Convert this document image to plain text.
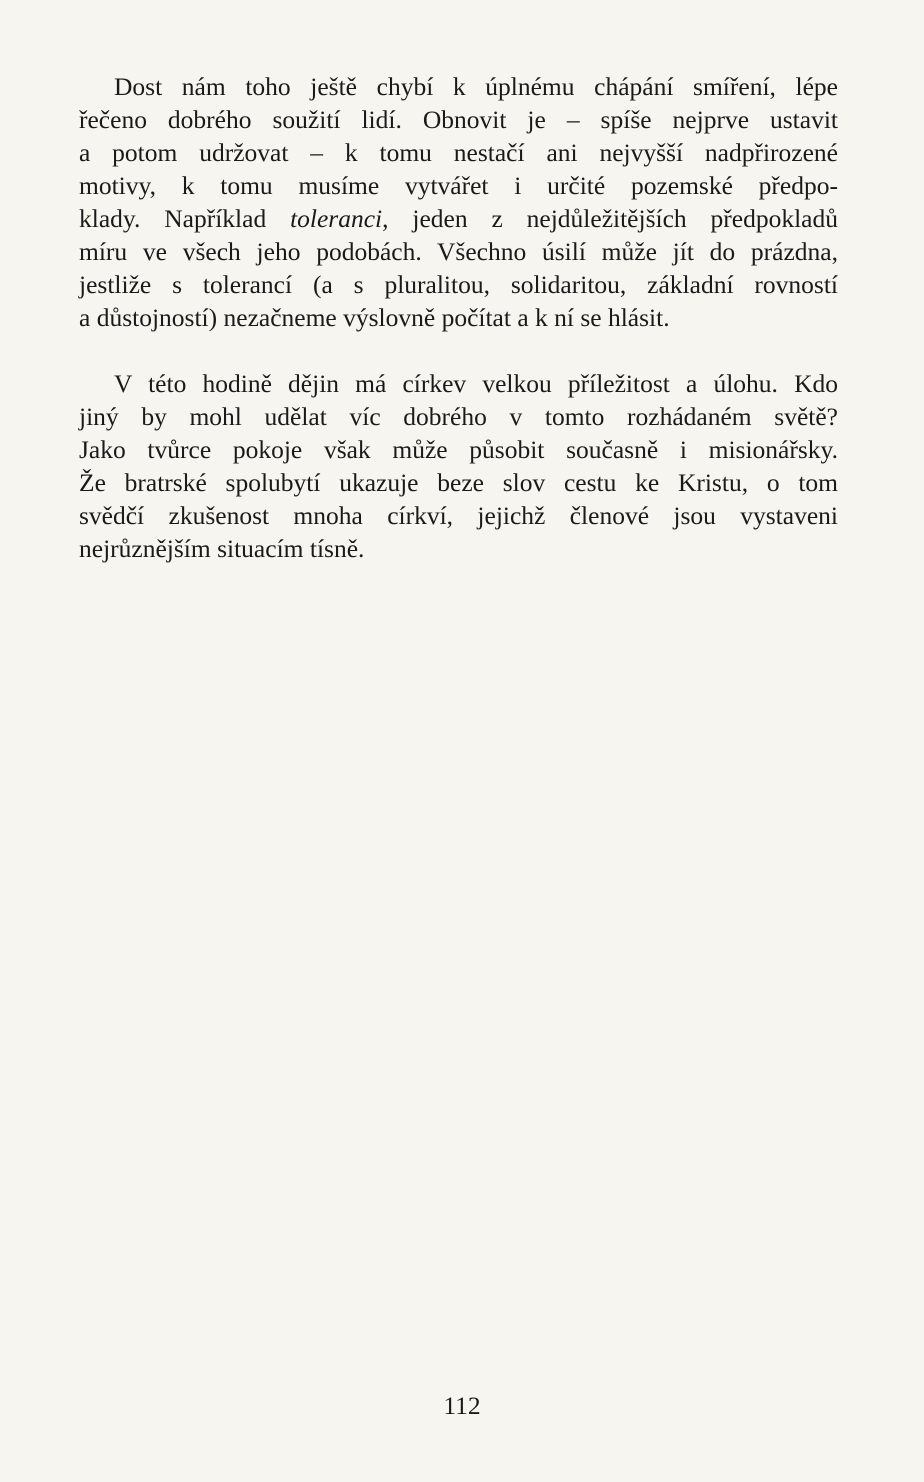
Dost nám toho ještě chybí k úplnému chápání smíření, lépe
řečeno dobrého soužití lidí. Obnovit je – spíše nejprve ustavit
a potom udržovat – k tomu nestačí ani nejvyšší nadpřirozené
motivy, k tomu musíme vytvářet i určité pozemské předpo-
klady. Například toleranci, jeden z nejdůležitějších předpokladů
míru ve všech jeho podobách. Všechno úsilí může jít do prázdna,
jestliže s tolerancí (a s pluralitou, solidaritou, základní rovností
a důstojností) nezačneme výslovně počítat a k ní se hlásit.
V této hodině dějin má církev velkou příležitost a úlohu. Kdo
jiný by mohl udělat víc dobrého v tomto rozhádaném světě?
Jako tvůrce pokoje však může působit současně i misionářsky.
Že bratrské spolubytí ukazuje beze slov cestu ke Kristu, o tom
svědčí zkušenost mnoha církví, jejichž členové jsou vystaveni
nejrůznějším situacím tísně.
112
